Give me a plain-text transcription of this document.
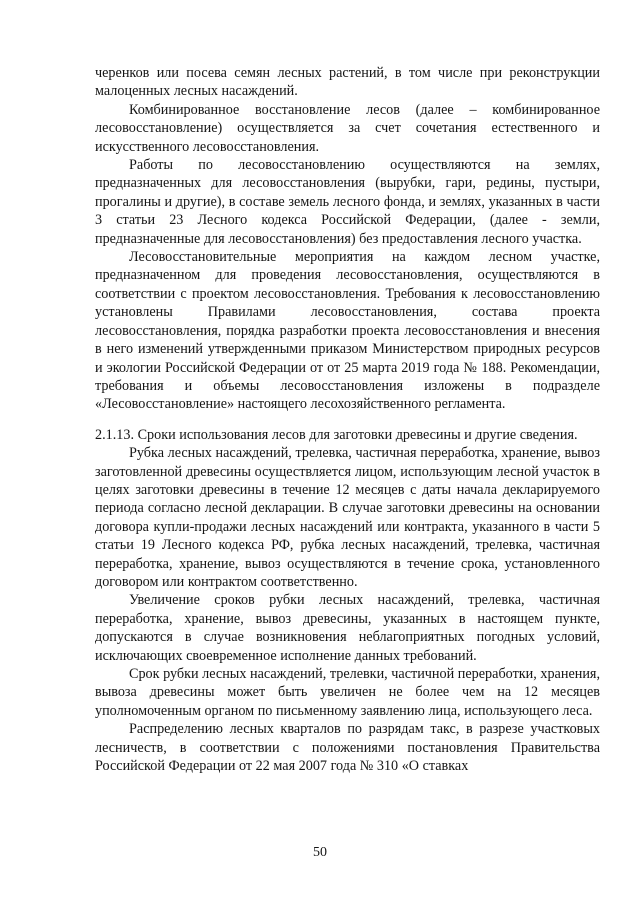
черенков или посева семян лесных растений, в том числе при реконструкции малоценных лесных насаждений.

Комбинированное восстановление лесов (далее – комбинированное лесовосстановление) осуществляется за счет сочетания естественного и искусственного лесовосстановления.

Работы по лесовосстановлению осуществляются на землях, предназначенных для лесовосстановления (вырубки, гари, редины, пустыри, прогалины и другие), в составе земель лесного фонда, и землях, указанных в части 3 статьи 23 Лесного кодекса Российской Федерации, (далее - земли, предназначенные для лесовосстановления) без предоставления лесного участка.

Лесовосстановительные мероприятия на каждом лесном участке, предназначенном для проведения лесовосстановления, осуществляются в соответствии с проектом лесовосстановления. Требования к лесовосстановлению установлены Правилами лесовосстановления, состава проекта лесовосстановления, порядка разработки проекта лесовосстановления и внесения в него изменений утвержденными приказом Министерством природных ресурсов и экологии Российской Федерации от от 25 марта 2019 года № 188. Рекомендации, требования и объемы лесовосстановления изложены в подразделе «Лесовосстановление» настоящего лесохозяйственного регламента.

2.1.13. Сроки использования лесов для заготовки древесины и другие сведения.

Рубка лесных насаждений, трелевка, частичная переработка, хранение, вывоз заготовленной древесины осуществляется лицом, использующим лесной участок в целях заготовки древесины в течение 12 месяцев с даты начала декларируемого периода согласно лесной декларации. В случае заготовки древесины на основании договора купли-продажи лесных насаждений или контракта, указанного в части 5 статьи 19 Лесного кодекса РФ, рубка лесных насаждений, трелевка, частичная переработка, хранение, вывоз осуществляются в течение срока, установленного договором или контрактом соответственно.

Увеличение сроков рубки лесных насаждений, трелевка, частичная переработка, хранение, вывоз древесины, указанных в настоящем пункте, допускаются в случае возникновения неблагоприятных погодных условий, исключающих своевременное исполнение данных требований.

Срок рубки лесных насаждений, трелевки, частичной переработки, хранения, вывоза древесины может быть увеличен не более чем на 12 месяцев уполномоченным органом по письменному заявлению лица, использующего леса.

Распределению лесных кварталов по разрядам такс, в разрезе участковых лесничеств, в соответствии с положениями постановления Правительства Российской Федерации от 22 мая 2007 года № 310 «О ставках

50
